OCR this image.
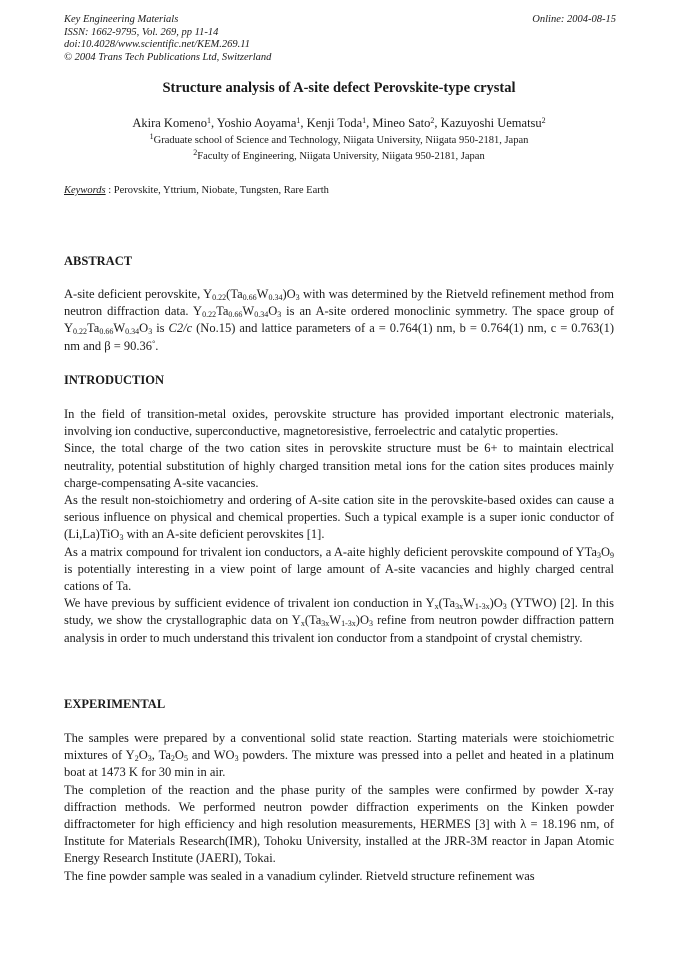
Key Engineering Materials
ISSN: 1662-9795, Vol. 269, pp 11-14
doi:10.4028/www.scientific.net/KEM.269.11
© 2004 Trans Tech Publications Ltd, Switzerland
Online: 2004-08-15
Structure analysis of A-site defect Perovskite-type crystal
Akira Komeno$^1$, Yoshio Aoyama$^1$, Kenji Toda$^1$, Mineo Sato$^2$, Kazuyoshi Uematsu$^2$
$^1$Graduate school of Science and Technology, Niigata University, Niigata 950-2181, Japan
$^2$Faculty of Engineering, Niigata University, Niigata 950-2181, Japan
Keywords : Perovskite, Yttrium, Niobate, Tungsten, Rare Earth
ABSTRACT

A-site deficient perovskite, $Y_{0.22}(Ta_{0.66}W_{0.34})O_3$ with was determined by the Rietveld refinement method from neutron diffraction data. $Y_{0.22}Ta_{0.66}W_{0.34}O_3$ is an A-site ordered monoclinic symmetry. The space group of $Y_{0.22}Ta_{0.66}W_{0.34}O_3$ is C2/c (No.15) and lattice parameters of a = 0.764(1) nm, b = 0.764(1) nm, c = 0.763(1) nm and β = 90.36°.

INTRODUCTION

In the field of transition-metal oxides, perovskite structure has provided important electronic materials, involving ion conductive, superconductive, magnetoresistive, ferroelectric and catalytic properties.

Since, the total charge of the two cation sites in perovskite structure must be 6+ to maintain electrical neutrality, potential substitution of highly charged transition metal ions for the cation sites produces mainly charge-compensating A-site vacancies.

As the result non-stoichiometry and ordering of A-site cation site in the perovskite-based oxides can cause a serious influence on physical and chemical properties. Such a typical example is a super ionic conductor of (Li,La)TiO$_3$ with an A-site deficient perovskites [1].

As a matrix compound for trivalent ion conductors, a A-aite highly deficient perovskite compound of $YTa_3O_9$ is potentially interesting in a view point of large amount of A-site vacancies and highly charged central cations of Ta.

We have previous by sufficient evidence of trivalent ion conduction in $Y_x(Ta_{3x}W_{1-3x})O_3$ (YTWO) [2]. In this study, we show the crystallographic data on $Y_x(Ta_{3x}W_{1-3x})O_3$ refine from neutron powder diffraction pattern analysis in order to much understand this trivalent ion conductor from a standpoint of crystal chemistry.

EXPERIMENTAL

The samples were prepared by a conventional solid state reaction. Starting materials were stoichiometric mixtures of $Y_2O_3$, $Ta_2O_5$ and $WO_3$ powders. The mixture was pressed into a pellet and heated in a platinum boat at 1473 K for 30 min in air.

The completion of the reaction and the phase purity of the samples were confirmed by powder X-ray diffraction methods. We performed neutron powder diffraction experiments on the Kinken powder diffractometer for high efficiency and high resolution measurements, HERMES [3] with λ = 18.196 nm, of Institute for Materials Research(IMR), Tohoku University, installed at the JRR-3M reactor in Japan Atomic Energy Research Institute (JAERI), Tokai.

The fine powder sample was sealed in a vanadium cylinder. Rietveld structure refinement was
